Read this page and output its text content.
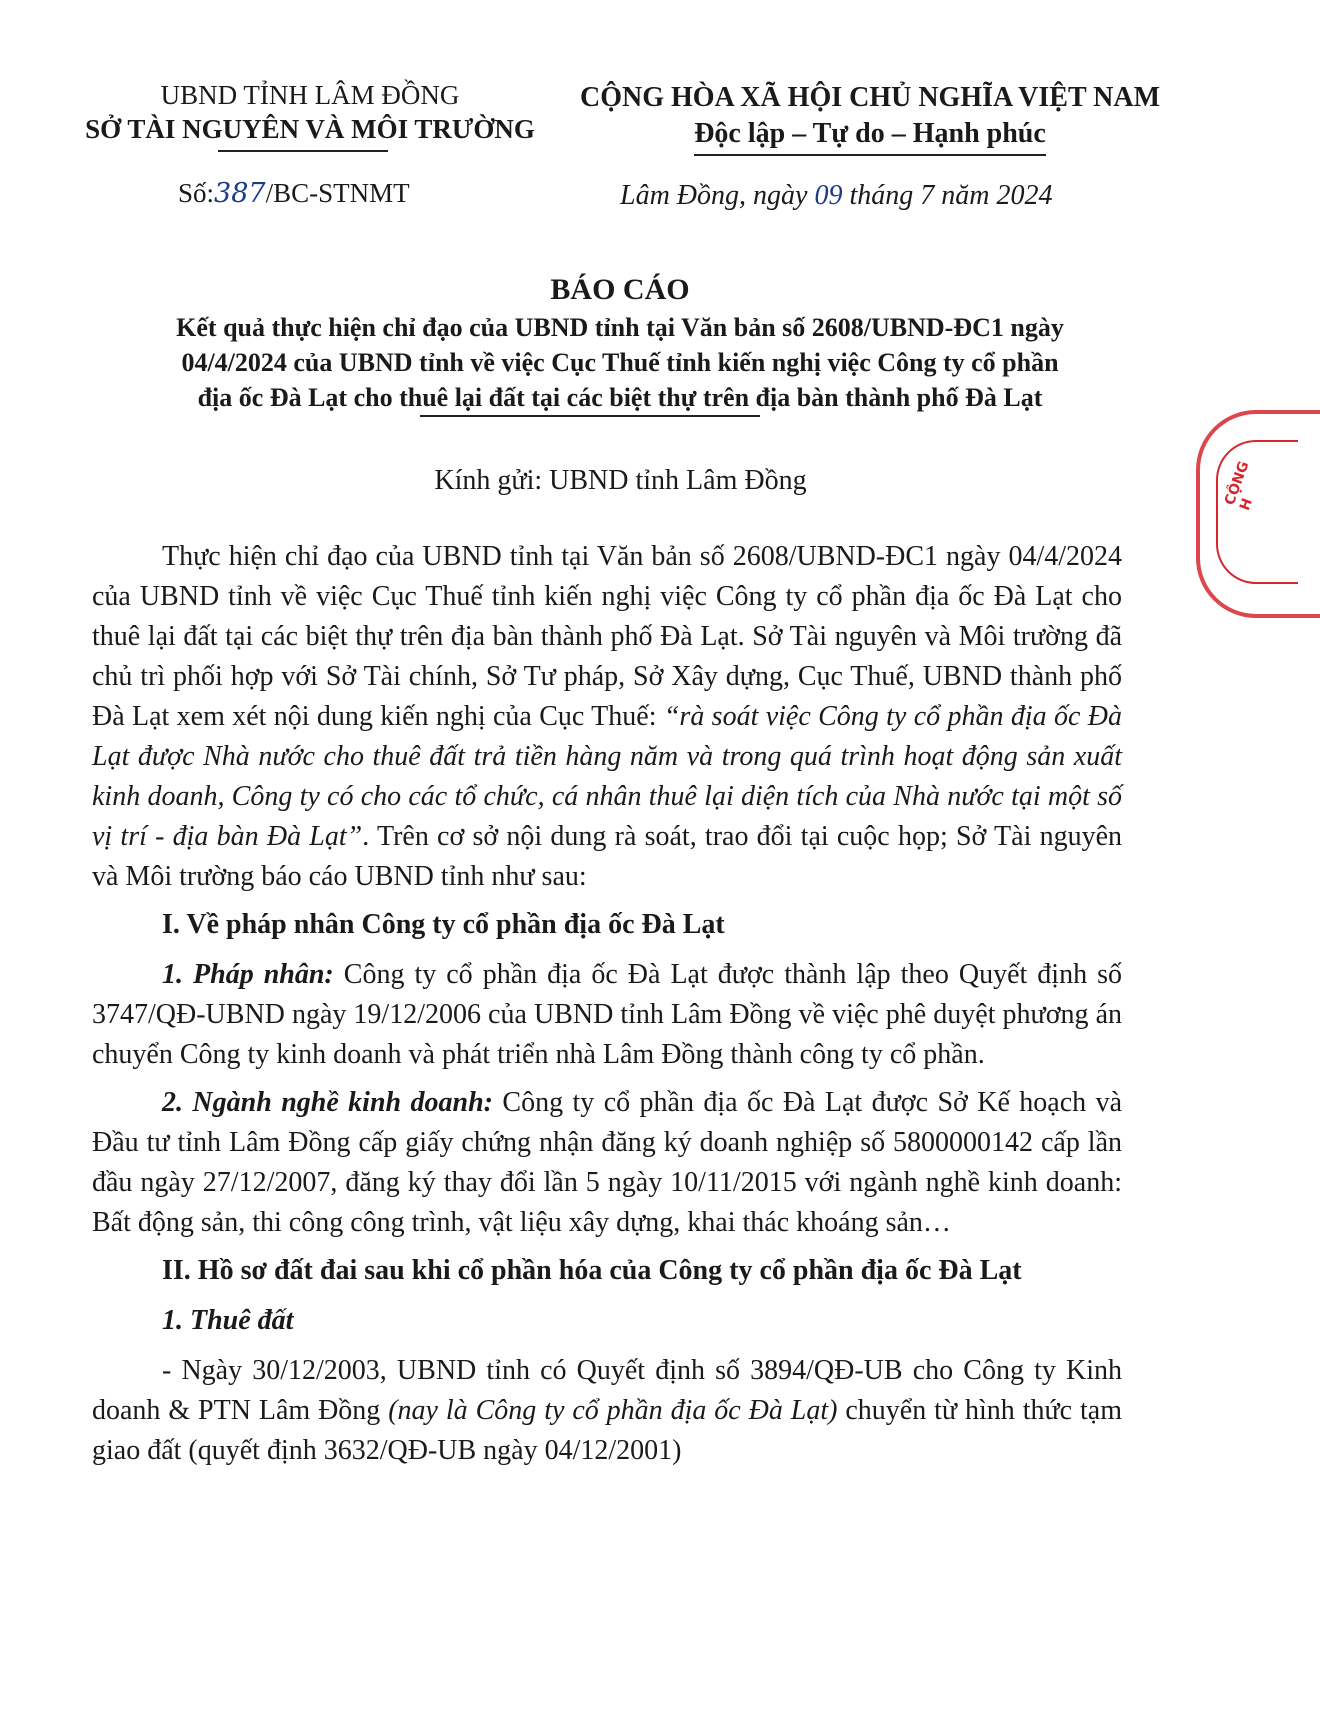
UBND TỈNH LÂM ĐỒNG
SỞ TÀI NGUYÊN VÀ MÔI TRƯỜNG
CỘNG HÒA XÃ HỘI CHỦ NGHĨA VIỆT NAM
Độc lập – Tự do – Hạnh phúc
Số:387/BC-STNMT	Lâm Đồng, ngày 09 tháng 7 năm 2024
BÁO CÁO
Kết quả thực hiện chỉ đạo của UBND tỉnh tại Văn bản số 2608/UBND-ĐC1 ngày
04/4/2024 của UBND tỉnh về việc Cục Thuế tỉnh kiến nghị việc Công ty cổ phần
địa ốc Đà Lạt cho thuê lại đất tại các biệt thự trên địa bàn thành phố Đà Lạt
Kính gửi: UBND tỉnh Lâm Đồng

Thực hiện chỉ đạo của UBND tỉnh tại Văn bản số 2608/UBND-ĐC1 ngày 04/4/2024 của UBND tỉnh về việc Cục Thuế tỉnh kiến nghị việc Công ty cổ phần địa ốc Đà Lạt cho thuê lại đất tại các biệt thự trên địa bàn thành phố Đà Lạt. Sở Tài nguyên và Môi trường đã chủ trì phối hợp với Sở Tài chính, Sở Tư pháp, Sở Xây dựng, Cục Thuế, UBND thành phố Đà Lạt xem xét nội dung kiến nghị của Cục Thuế: “rà soát việc Công ty cổ phần địa ốc Đà Lạt được Nhà nước cho thuê đất trả tiền hàng năm và trong quá trình hoạt động sản xuất kinh doanh, Công ty có cho các tổ chức, cá nhân thuê lại diện tích của Nhà nước tại một số vị trí - địa bàn Đà Lạt”. Trên cơ sở nội dung rà soát, trao đổi tại cuộc họp; Sở Tài nguyên và Môi trường báo cáo UBND tỉnh như sau:

I. Về pháp nhân Công ty cổ phần địa ốc Đà Lạt

1. Pháp nhân: Công ty cổ phần địa ốc Đà Lạt được thành lập theo Quyết định số 3747/QĐ-UBND ngày 19/12/2006 của UBND tỉnh Lâm Đồng về việc phê duyệt phương án chuyển Công ty kinh doanh và phát triển nhà Lâm Đồng thành công ty cổ phần.

2. Ngành nghề kinh doanh: Công ty cổ phần địa ốc Đà Lạt được Sở Kế hoạch và Đầu tư tỉnh Lâm Đồng cấp giấy chứng nhận đăng ký doanh nghiệp số 5800000142 cấp lần đầu ngày 27/12/2007, đăng ký thay đổi lần 5 ngày 10/11/2015 với ngành nghề kinh doanh: Bất động sản, thi công công trình, vật liệu xây dựng, khai thác khoáng sản…

II. Hồ sơ đất đai sau khi cổ phần hóa của Công ty cổ phần địa ốc Đà Lạt

1. Thuê đất

- Ngày 30/12/2003, UBND tỉnh có Quyết định số 3894/QĐ-UB cho Công ty Kinh doanh & PTN Lâm Đồng (nay là Công ty cổ phần địa ốc Đà Lạt) chuyển từ hình thức tạm giao đất (quyết định 3632/QĐ-UB ngày 04/12/2001)

CỘNG H
